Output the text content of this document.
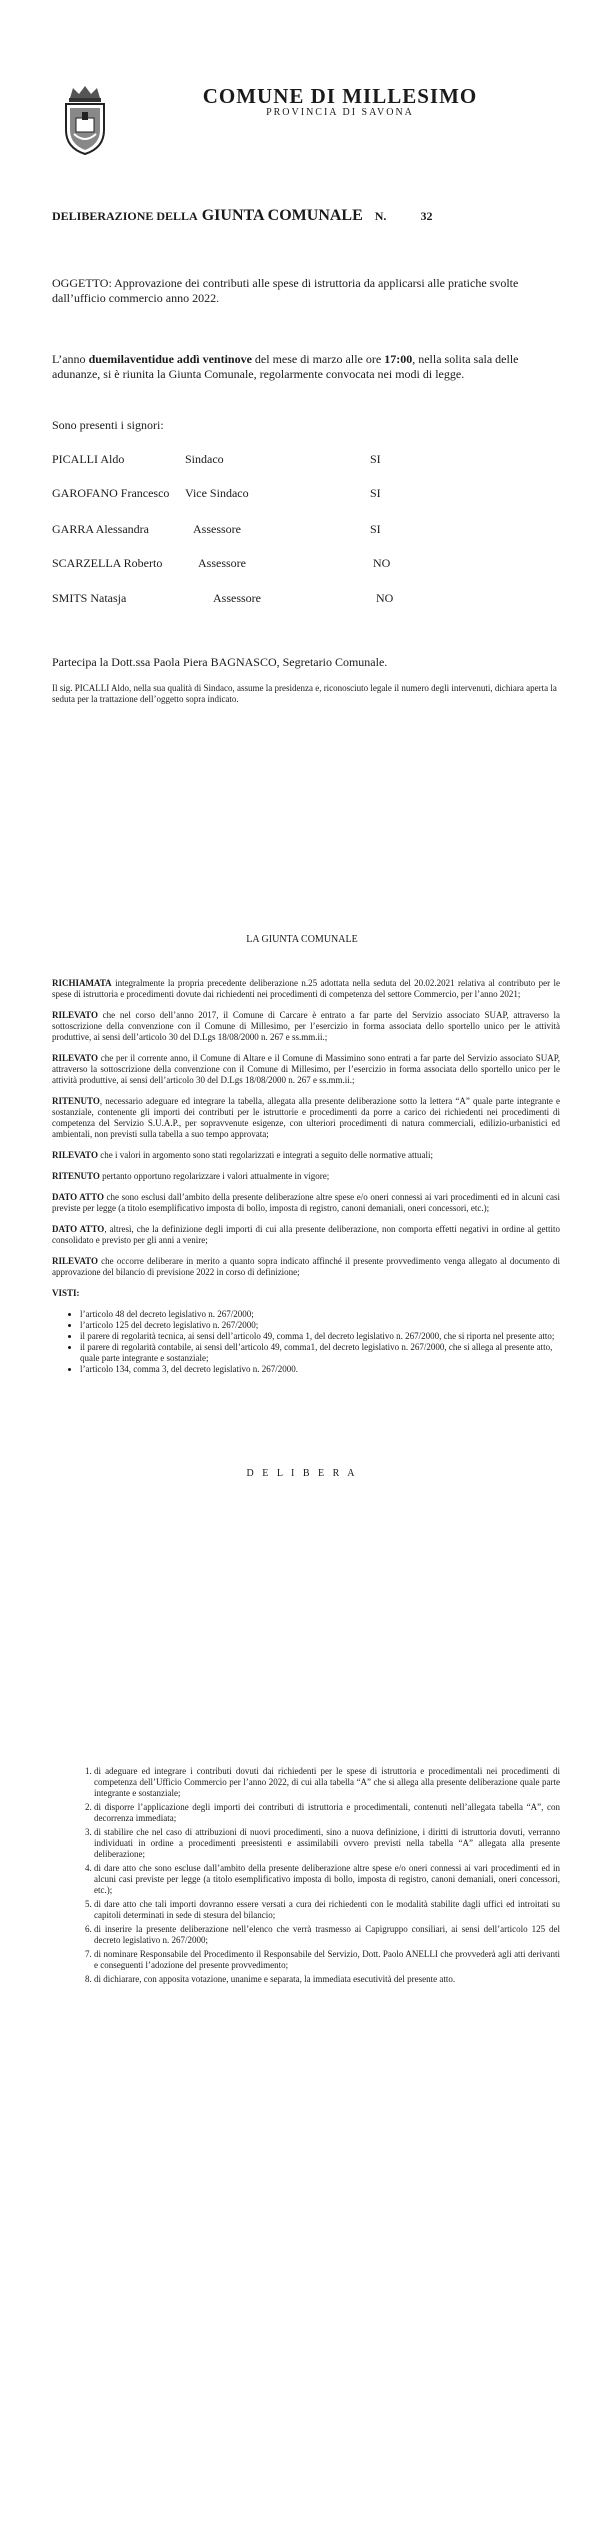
COMUNE DI MILLESIMO
PROVINCIA DI SAVONA
DELIBERAZIONE DELLA GIUNTA COMUNALE N.	32
OGGETTO: Approvazione dei contributi alle spese di istruttoria da applicarsi alle pratiche svolte dall’ufficio commercio anno 2022.
L’anno duemilaventidue addì ventinove del mese di marzo alle ore 17:00, nella solita sala delle adunanze, si è riunita la Giunta Comunale, regolarmente convocata nei modi di legge.
Sono presenti i signori:
PICALLI Aldo	Sindaco	SI
GAROFANO Francesco Vice Sindaco	SI
GARRA Alessandra	Assessore	SI
SCARZELLA Roberto	Assessore	NO
SMITS Natasja	Assessore	NO
Partecipa la Dott.ssa Paola Piera BAGNASCO, Segretario Comunale.
Il sig. PICALLI Aldo, nella sua qualità di Sindaco, assume la presidenza e, riconosciuto legale il numero degli intervenuti, dichiara aperta la seduta per la trattazione dell’oggetto sopra indicato.
LA GIUNTA COMUNALE

RICHIAMATA integralmente la propria precedente deliberazione n.25 adottata nella seduta del 20.02.2021 relativa al contributo per le spese di istruttoria e procedimenti dovute dai richiedenti nei procedimenti di competenza del settore Commercio, per l’anno 2021;

RILEVATO che nel corso dell’anno 2017, il Comune di Carcare è entrato a far parte del Servizio associato SUAP, attraverso la sottoscrizione della convenzione con il Comune di Millesimo, per l’esercizio in forma associata dello sportello unico per le attività produttive, ai sensi dell’articolo 30 del D.Lgs 18/08/2000 n. 267 e ss.mm.ii.;

RILEVATO che per il corrente anno, il Comune di Altare e il Comune di Massimino sono entrati a far parte del Servizio associato SUAP, attraverso la sottoscrizione della convenzione con il Comune di Millesimo, per l’esercizio in forma associata dello sportello unico per le attività produttive, ai sensi dell’articolo 30 del D.Lgs 18/08/2000 n. 267 e ss.mm.ii.;

RITENUTO, necessario adeguare ed integrare la tabella, allegata alla presente deliberazione sotto la lettera “A” quale parte integrante e sostanziale, contenente gli importi dei contributi per le istruttorie e procedimenti da porre a carico dei richiedenti nei procedimenti di competenza del Servizio S.U.A.P., per sopravvenute esigenze, con ulteriori procedimenti di natura commerciali, edilizio-urbanistici ed ambientali, non previsti sulla tabella a suo tempo approvata;

RILEVATO che i valori in argomento sono stati regolarizzati e integrati a seguito delle normative attuali;

RITENUTO pertanto opportuno regolarizzare i valori attualmente in vigore;

DATO ATTO che sono esclusi dall’ambito della presente deliberazione altre spese e/o oneri connessi ai vari procedimenti ed in alcuni casi previste per legge (a titolo esemplificativo imposta di bollo, imposta di registro, canoni demaniali, oneri concessori, etc.);

DATO ATTO, altresì, che la definizione degli importi di cui alla presente deliberazione, non comporta effetti negativi in ordine al gettito consolidato e previsto per gli anni a venire;

RILEVATO che occorre deliberare in merito a quanto sopra indicato affinché il presente provvedimento venga allegato al documento di approvazione del bilancio di previsione 2022 in corso di definizione;

VISTI:

• l’articolo 48 del decreto legislativo n. 267/2000;
• l’articolo 125 del decreto legislativo n. 267/2000;
• il parere di regolarità tecnica, ai sensi dell’articolo 49, comma 1, del decreto legislativo n. 267/2000, che si riporta nel presente atto;
• il parere di regolarità contabile, ai sensi dell’articolo 49, comma1, del decreto legislativo n. 267/2000, che si allega al presente atto, quale parte integrante e sostanziale;
• l’articolo 134, comma 3, del decreto legislativo n. 267/2000.
D E L I B E R A
1. di adeguare ed integrare i contributi dovuti dai richiedenti per le spese di istruttoria e procedimentali nei procedimenti di competenza dell’Ufficio Commercio per l’anno 2022, di cui alla tabella “A” che si allega alla presente deliberazione quale parte integrante e sostanziale;
2. di disporre l’applicazione degli importi dei contributi di istruttoria e procedimentali, contenuti nell’allegata tabella “A”, con decorrenza immediata;
3. di stabilire che nel caso di attribuzioni di nuovi procedimenti, sino a nuova definizione, i diritti di istruttoria dovuti, verranno individuati in ordine a procedimenti preesistenti e assimilabili ovvero previsti nella tabella “A” allegata alla presente deliberazione;
4. di dare atto che sono escluse dall’ambito della presente deliberazione altre spese e/o oneri connessi ai vari procedimenti ed in alcuni casi previste per legge (a titolo esemplificativo imposta di bollo, imposta di registro, canoni demaniali, oneri concessori, etc.);
5. di dare atto che tali importi dovranno essere versati a cura dei richiedenti con le modalità stabilite dagli uffici ed introitati su capitoli determinati in sede di stesura del bilancio;
6. di inserire la presente deliberazione nell’elenco che verrà trasmesso ai Capigruppo consiliari, ai sensi dell’articolo 125 del decreto legislativo n. 267/2000;
7. di nominare Responsabile del Procedimento il Responsabile del Servizio, Dott. Paolo ANELLI che provvederà agli atti derivanti e conseguenti l’adozione del presente provvedimento;
8. di dichiarare, con apposita votazione, unanime e separata, la immediata esecutività del presente atto.
